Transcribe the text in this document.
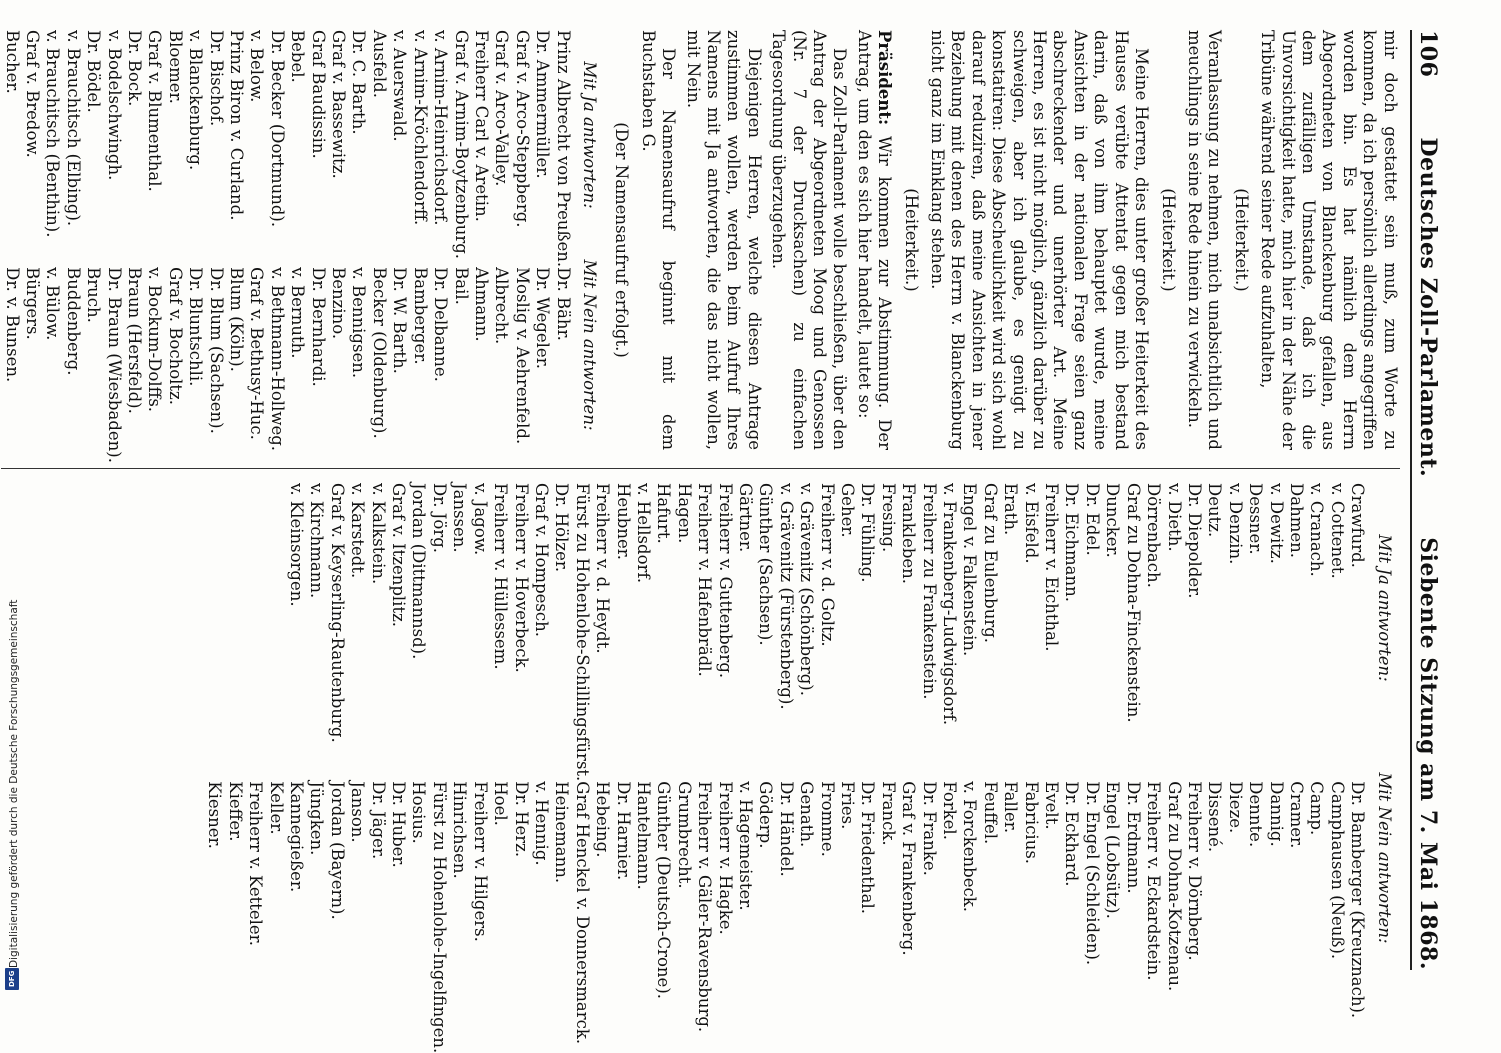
106
Deutsches Zoll-Parlament.
Siebente Sitzung am 7. Mai 1868.

mir doch gestattet sein muß, zum Worte zu kommen, da ich persönlich allerdings angegriffen worden bin. Es hat nämlich dem Herrn Abgeordneten von Blanckenburg gefallen, aus dem zufälligen Umstande, daß ich die Unvorsichtigkeit hatte, mich hier in der Nähe der Tribüne während seiner Rede aufzuhalten,

(Heiterkeit.)

Veranlassung zu nehmen, mich unabsichtlich und meuchlings in seine Rede hinein zu verwickeln.

(Heiterkeit.)

Meine Herren, dies unter großer Heiterkeit des Hauses verübte Attentat gegen mich bestand darin, daß von ihm behauptet wurde, meine Ansichten in der nationalen Frage seien ganz abschreckender und unerhörter Art. Meine Herren, es ist nicht möglich, gänzlich darüber zu schweigen, aber ich glaube, es genügt zu konstatiren: Diese Abscheulichkeit wird sich wohl darauf reduziren, daß meine Ansichten in jener Beziehung mit denen des Herrn v. Blanckenburg nicht ganz im Einklang stehen.

(Heiterkeit.)

Präsident: Wir kommen zur Abstimmung. Der Antrag, um den es sich hier handelt, lautet so:

Das Zoll-Parlament wolle beschließen, über den Antrag der Abgeordneten Moog und Genossen (Nr. 7 der Drucksachen) zu einfachen Tagesordnung überzugehen.

Diejenigen Herren, welche diesen Antrage zustimmen wollen, werden beim Aufruf Ihres Namens mit Ja antworten, die das nicht wollen, mit Nein.

Der Namensaufruf beginnt mit dem Buchstaben G.

(Der Namensaufruf erfolgt.)

Mit Ja antworten:
Mit Nein antworten:
Prinz Albrecht von Preußen.
Dr. Ammermüller.
Graf v. Arco-Steppberg.
Graf v. Arco-Valley.
Freiherr Carl v. Aretin.
Graf v. Arnim-Boytzenburg.
v. Arnim-Heinrichsdorf.
v. Arnim-Kröchlendorff.
v. Auerswald.
Ausfeld.
Dr. C. Barth.
Graf v. Bassewitz.
Graf Baudissin.
Bebel.
Dr. Becker (Dortmund).
v. Below.
Prinz Biron v. Curland.
Dr. Bischof.
v. Blanckenburg.
Bloemer.
Graf v. Blumenthal.
Dr. Bock.
v. Bodelschwingh.
Dr. Bödel.
v. Brauchitsch (Elbing).
v. Brauchitsch (Benthin).
Graf v. Bredow.
Bucher.
Dr. Bähr.
Dr. Wegeler.
Moslig v. Aehrenfeld.
Albrecht.
Ahmann.
Bail.
Dr. Delbanne.
Bamberger.
Dr. W. Barth.
Becker (Oldenburg).
v. Bennigsen.
Benzino.
Dr. Bernhardi.
v. Bernuth.
v. Bethmann-Hollweg.
Graf v. Bethusy-Huc.
Blum (Köln).
Dr. Blum (Sachsen).
Dr. Bluntschli.
Graf v. Bocholtz.
v. Bockum-Dolffs.
Braun (Hersfeld).
Dr. Braun (Wiesbaden).
Bruch.
Buddenberg.
v. Bülow.
Bürgers.
Dr. v. Bunsen.
Mit Ja antworten:
Mit Nein antworten:
Crawfurd.
v. Cottenet.
v. Cranach.
Dahmen.
v. Dewitz.
Dessner.
v. Denzin.
Deutz.
Dr. Diepolder.
v. Dieth.
Dörrenbach.
Graf zu Dohna-Finckenstein.
Duncker.
Dr. Edel.
Dr. Eichmann.
Freiherr v. Eichthal.
v. Eisfeld.
Erath.
Graf zu Eulenburg.
Engel v. Falkenstein.
v. Frankenberg-Ludwigsdorf.
Freiherr zu Frankenstein.
Frankleben.
Fresing.
Dr. Fühling.
Geher.
Freiherr v. d. Goltz.
v. Grävenitz (Schönberg).
v. Grävenitz (Fürstenberg).
Günther (Sachsen).
Gärtner.
Freiherr v. Guttenberg.
Freiherr v. Hafenbrädl.
Hagen.
Hafurt.
v. Hellsdorf.
Heubner.
Freiherr v. d. Heydt.
Fürst zu Hohenlohe-Schillingsfürst.
Dr. Hölzer.
Graf v. Hompesch.
Freiherr v. Hoverbeck.
Freiherr v. Hüllessem.
v. Jagow.
Janssen.
Dr. Jörg.
Jordan (Dittmannsd).
Graf v. Itzenplitz.
v. Kalkstein.
v. Karstedt.
Graf v. Keyserling-Rautenburg.
v. Kirchmann.
v. Kleinsorgen.
Dr. Bamberger (Kreuznach).
Camphausen (Neuß).
Camp.
Cramer.
Dannig.
Dennte.
Dieze.
Dissené.
Freiherr v. Dörnberg.
Graf zu Dohna-Kotzenau.
Freiherr v. Eckardstein.
Dr. Erdmann.
Engel (Lobsütz).
Dr. Engel (Schleiden).
Dr. Eckhard.
Evelt.
Fabricius.
Faller.
Feuffel.
v. Forckenbeck.
Forkel.
Dr. Franke.
Graf v. Frankenberg.
Franck.
Dr. Friedenthal.
Fries.
Fromme.
Genath.
Dr. Händel.
Göderp.
v. Hagemeister.
Freiherr v. Hagke.
Freiherr v. Gäler-Ravensburg.
Grumbrecht.
Günther (Deutsch-Crone).
Hantelmann.
Dr. Harnier.
Hebeing.
Graf Henckel v. Donnersmarck.
Heinemann.
v. Hennig.
Dr. Herz.
Hoel.
Freiherr v. Hilgers.
Hinrichsen.
Fürst zu Hohenlohe-Ingelfingen.
Hosius.
Dr. Huber.
Dr. Jäger.
Janson.
Jordan (Bayern).
Jüngken.
Kannegießer.
Keller.
Freiherr v. Ketteler.
Kieffer.
Kiesner.
Digitalisierung gefördert durch die Deutsche Forschungsgemeinschaft
DFG
